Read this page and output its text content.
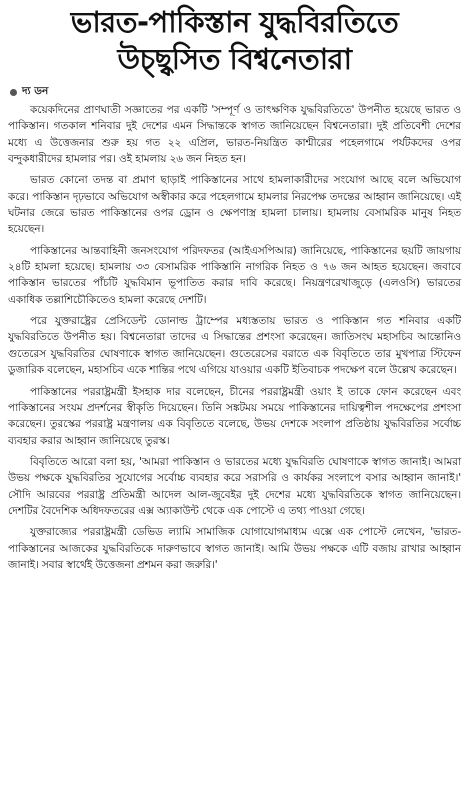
ভারত-পাকিস্তান যুদ্ধবিরতিতে
উচ্ছ্বসিত বিশ্বনেতারা
দ্য ডন

কয়েকদিনের প্রাণঘাতী সজ্ঞাতের পর একটি 'সম্পূর্ণ ও তাৎক্ষণিক যুদ্ধবিরতিতে' উপনীত হয়েছে ভারত ও পাকিস্তান। গতকাল শনিবার দুই দেশের এমন সিদ্ধান্তকে স্বাগত জানিয়েছেন বিশ্বনেতারা। দুই প্রতিবেশী দেশের মধ্যে এ উত্তেজনার শুরু হয় গত ২২ এপ্রিল, ভারত-নিয়ন্ত্রিত কাশ্মীরের পহেলগামে পর্যটকদের ওপর বন্দুকধারীদের হামলার পর। ওই হামলায় ২৬ জন নিহত হন।

ভারত কোনো তদন্ত বা প্রমাণ ছাড়াই পাকিস্তানের সাথে হামলাকারীদের সংযোগ আছে বলে অভিযোগ করে। পাকিস্তান দৃঢ়ভাবে অভিযোগ অস্বীকার করে পহেলগামে হামলার নিরপেক্ষ তদন্তের আহ্বান জানিয়েছে। এই ঘটনার জেরে ভারত পাকিস্তানের ওপর ড্রোন ও ক্ষেপণাস্ত্র হামলা চালায়। হামলায় বেসামরিক মানুষ নিহত হয়েছেন।

পাকিস্তানের আন্তবাহিনী জনসংযোগ পরিদফতর (আইএসপিআর) জানিয়েছে, পাকিস্তানের ছয়টি জায়গায় ২৪টি হামলা হয়েছে। হামলায় ৩৩ বেসামরিক পাকিস্তানি নাগরিক নিহত ও ৭৬ জন আহত হয়েছেন। জবাবে পাকিস্তান ভারতের পাঁচটি যুদ্ধবিমান ভূপাতিত করার দাবি করেছে। নিয়ন্ত্রণরেখাজুড়ে (এলওসি) ভারতের একাধিক তল্লাশিচৌকিতেও হামলা করেছে দেশটি।

পরে যুক্তরাষ্ট্রের প্রেসিডেন্ট ডোনাল্ড ট্রাম্পের মধ্যস্ততায় ভারত ও পাকিস্তান গত শনিবার একটি যুদ্ধবিরতিতে উপনীত হয়। বিশ্বনেতারা তাদের এ সিদ্ধান্তের প্রশংসা করেছেন। জাতিসংঘ মহাসচিব আন্তোনিও গুতেরেস যুদ্ধবিরতির ঘোষণাকে স্বাগত জানিয়েছেন। গুতেরেসের বরাতে এক বিবৃতিতে তার মুখপাত্র স্টিফেন ডুজারিক বলেছেন, মহাসচিব একে শান্তির পথে এগিয়ে যাওয়ার একটি ইতিবাচক পদক্ষেপ বলে উল্লেখ করেছেন।

পাকিস্তানের পররাষ্ট্রমন্ত্রী ইসহাক দার বলেছেন, চীনের পররাষ্ট্রমন্ত্রী ওয়াং ই তাকে ফোন করেছেন এবং পাকিস্তানের সংযম প্রদর্শনের স্বীকৃতি দিয়েছেন। তিনি সঙ্কটময় সময়ে পাকিস্তানের দায়িত্বশীল পদক্ষেপের প্রশংসা করেছেন। তুরস্কের পররাষ্ট্র মন্ত্রণালয় এক বিবৃতিতে বলেছে, উভয় দেশকে সংলাপ প্রতিষ্ঠায় যুদ্ধবিরতির সর্বোচ্চ ব্যবহার করার আহ্বান জানিয়েছে তুরস্ক।

বিবৃতিতে আরো বলা হয়, 'আমরা পাকিস্তান ও ভারতের মধ্যে যুদ্ধবিরতি ঘোষণাকে স্বাগত জানাই। আমরা উভয় পক্ষকে যুদ্ধবিরতির সুযোগের সর্বোচ্চ ব্যবহার করে সরাসরি ও কার্যকর সংলাপে বসার আহ্বান জানাই।' সৌদি আরবের পররাষ্ট্র প্রতিমন্ত্রী আদেল আল-জুবেইর দুই দেশের মধ্যে যুদ্ধবিরতিকে স্বাগত জানিয়েছেন। দেশটির বৈদেশিক অধিদফতরের এক্স অ্যাকাউন্ট থেকে এক পোস্টে এ তথ্য পাওয়া গেছে।

যুক্তরাজ্যের পররাষ্ট্রমন্ত্রী ডেভিড ল্যামি সামাজিক যোগাযোগমাধ্যম এক্সে এক পোস্টে লেখেন, 'ভারত-পাকিস্তানের আজকের যুদ্ধবিরতিকে দারুণভাবে স্বাগত জানাই। আমি উভয় পক্ষকে এটি বজায় রাখার আহ্বান জানাই। সবার স্বার্থেই উত্তেজনা প্রশমন করা জরুরি।'
